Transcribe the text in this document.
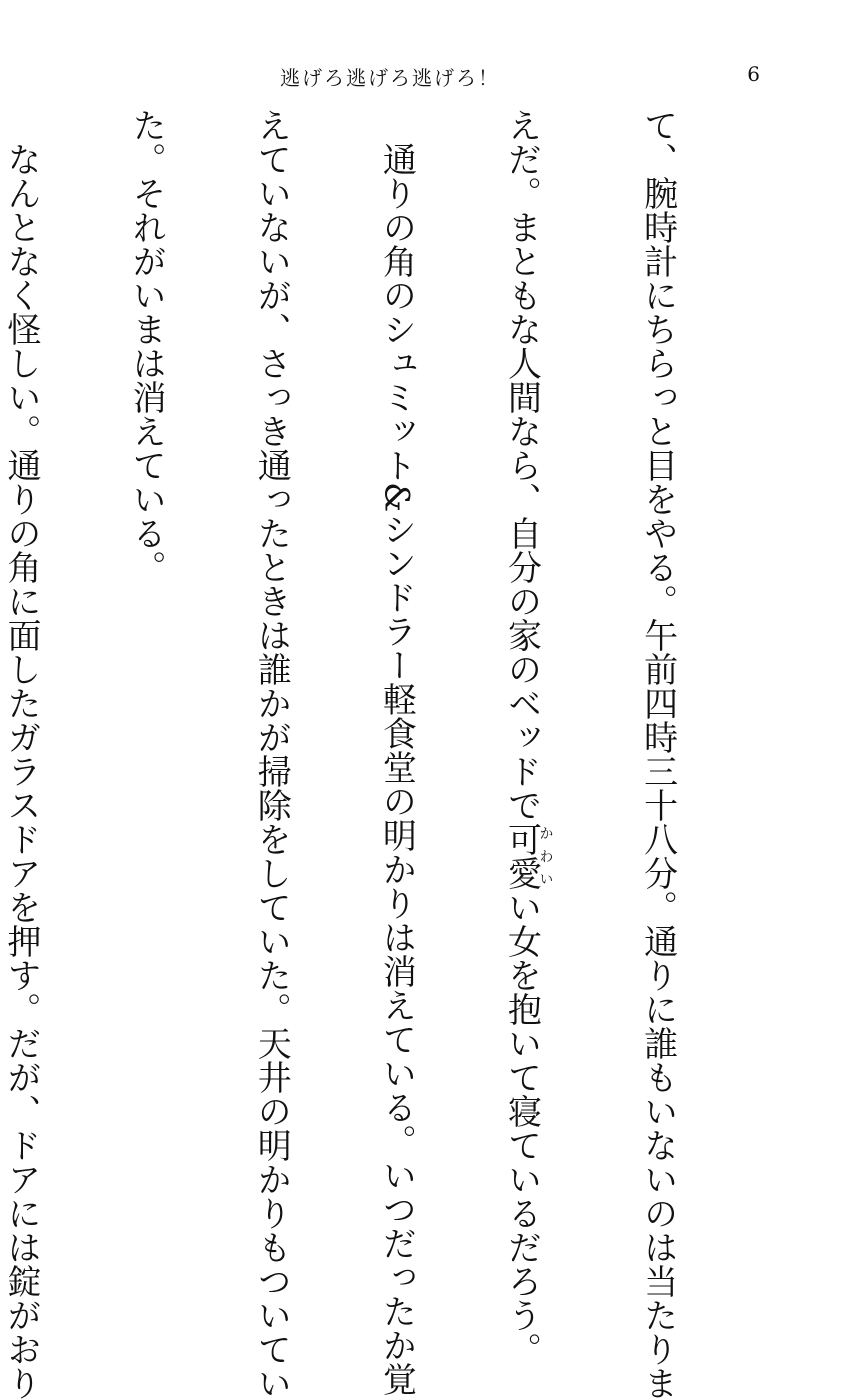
逃げろ逃げろ逃げろ！	6

て、腕時計にちらっと目をやる。午前四時三十八分。通りに誰もいないのは当たりま

えだ。まともな人間なら、自分の家のベッドで可愛かわいい女を抱いて寝ているだろう。

　通りの角のシュミット&シンドラー軽食堂の明かりは消えている。いつだったか覚

えていないが、さっき通ったときは誰かが掃除をしていた。天井の明かりもついてい

た。それがいまは消えている。

　なんとなく怪しい。通りの角に面したガラスドアを押す。だが、ドアには錠がおり
